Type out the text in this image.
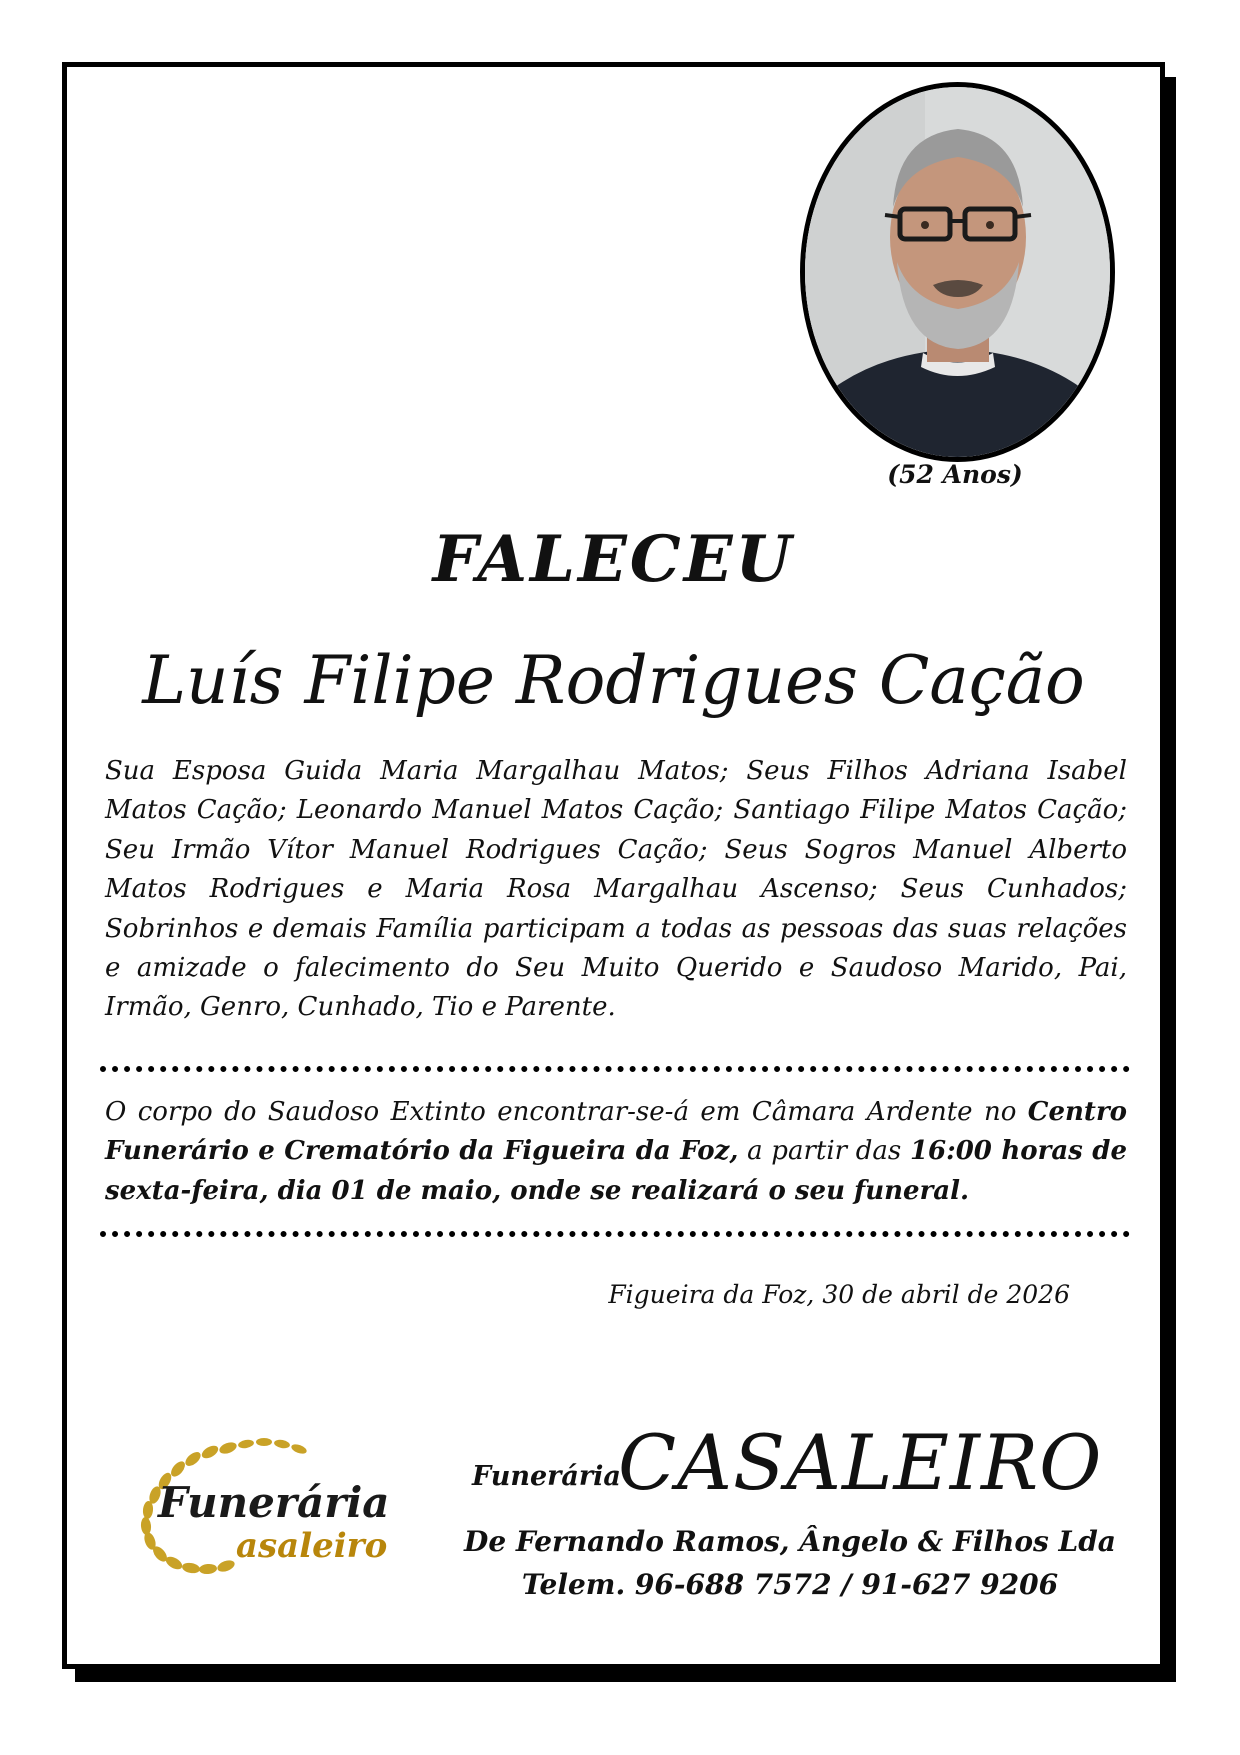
(52 Anos)
FALECEU
Luís Filipe Rodrigues Cação
Sua Esposa Guida Maria Margalhau Matos; Seus Filhos Adriana Isabel Matos Cação; Leonardo Manuel Matos Cação; Santiago Filipe Matos Cação; Seu Irmão Vítor Manuel Rodrigues Cação; Seus Sogros Manuel Alberto Matos Rodrigues e Maria Rosa Margalhau Ascenso; Seus Cunhados; Sobrinhos e demais Família participam a todas as pessoas das suas relações e amizade o falecimento do Seu Muito Querido e Saudoso Marido, Pai, Irmão, Genro, Cunhado, Tio e Parente.
O corpo do Saudoso Extinto encontrar-se-á em Câmara Ardente no Centro Funerário e Crematório da Figueira da Foz, a partir das 16:00 horas de sexta-feira, dia 01 de maio, onde se realizará o seu funeral.
Figueira da Foz, 30 de abril de 2026
Funerária
asaleiro
Funerária
CASALEIRO
De Fernando Ramos, Ângelo & Filhos Lda
Telem. 96-688 7572 / 91-627 9206
